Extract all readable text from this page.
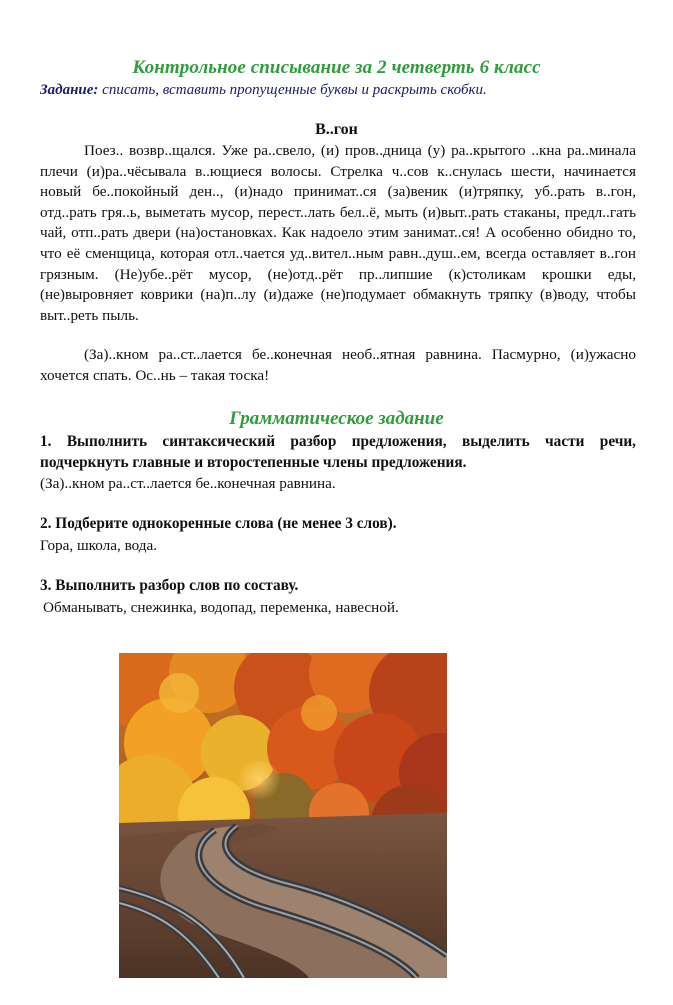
Контрольное списывание за 2 четверть 6 класс
Задание: списать, вставить пропущенные буквы и раскрыть скобки.
В..гон
Поез.. возвр..щался. Уже ра..свело, (и) пров..дница (у) ра..крытого ..кна ра..минала плечи (и)ра..чёсывала в..ющиеся волосы. Стрелка ч..сов к..снулась шести, начинается новый бе..покойный ден.., (и)надо принимат..ся (за)веник (и)тряпку, уб..рать в..гон, отд..рать гря..ь, выметать мусор, перест..лать бел..ё, мыть (и)выт..рать стаканы, предл..гать чай, отп..рать двери (на)остановках. Как надоело этим занимат..ся! А особенно обидно то, что её сменщица, которая отл..чается уд..вител..ным равн..душ..ем, всегда оставляет в..гон грязным. (Не)убе..рёт мусор, (не)отд..рёт пр..липшие (к)столикам крошки еды, (не)выровняет коврики (на)п..лу (и)даже (не)подумает обмакнуть тряпку (в)воду, чтобы выт..реть пыль.
(За)..кном ра..ст..лается бе..конечная необ..ятная равнина. Пасмурно, (и)ужасно хочется спать. Ос..нь – такая тоска!
Грамматическое задание
1. Выполнить синтаксический разбор предложения, выделить части речи, подчеркнуть главные и второстепенные члены предложения.
(За)..кном ра..ст..лается бе..конечная равнина.
2. Подберите однокоренные слова (не менее 3 слов).
Гора, школа, вода.
3. Выполнить разбор слов по составу.
Обманывать, снежинка, водопад, переменка, навесной.
